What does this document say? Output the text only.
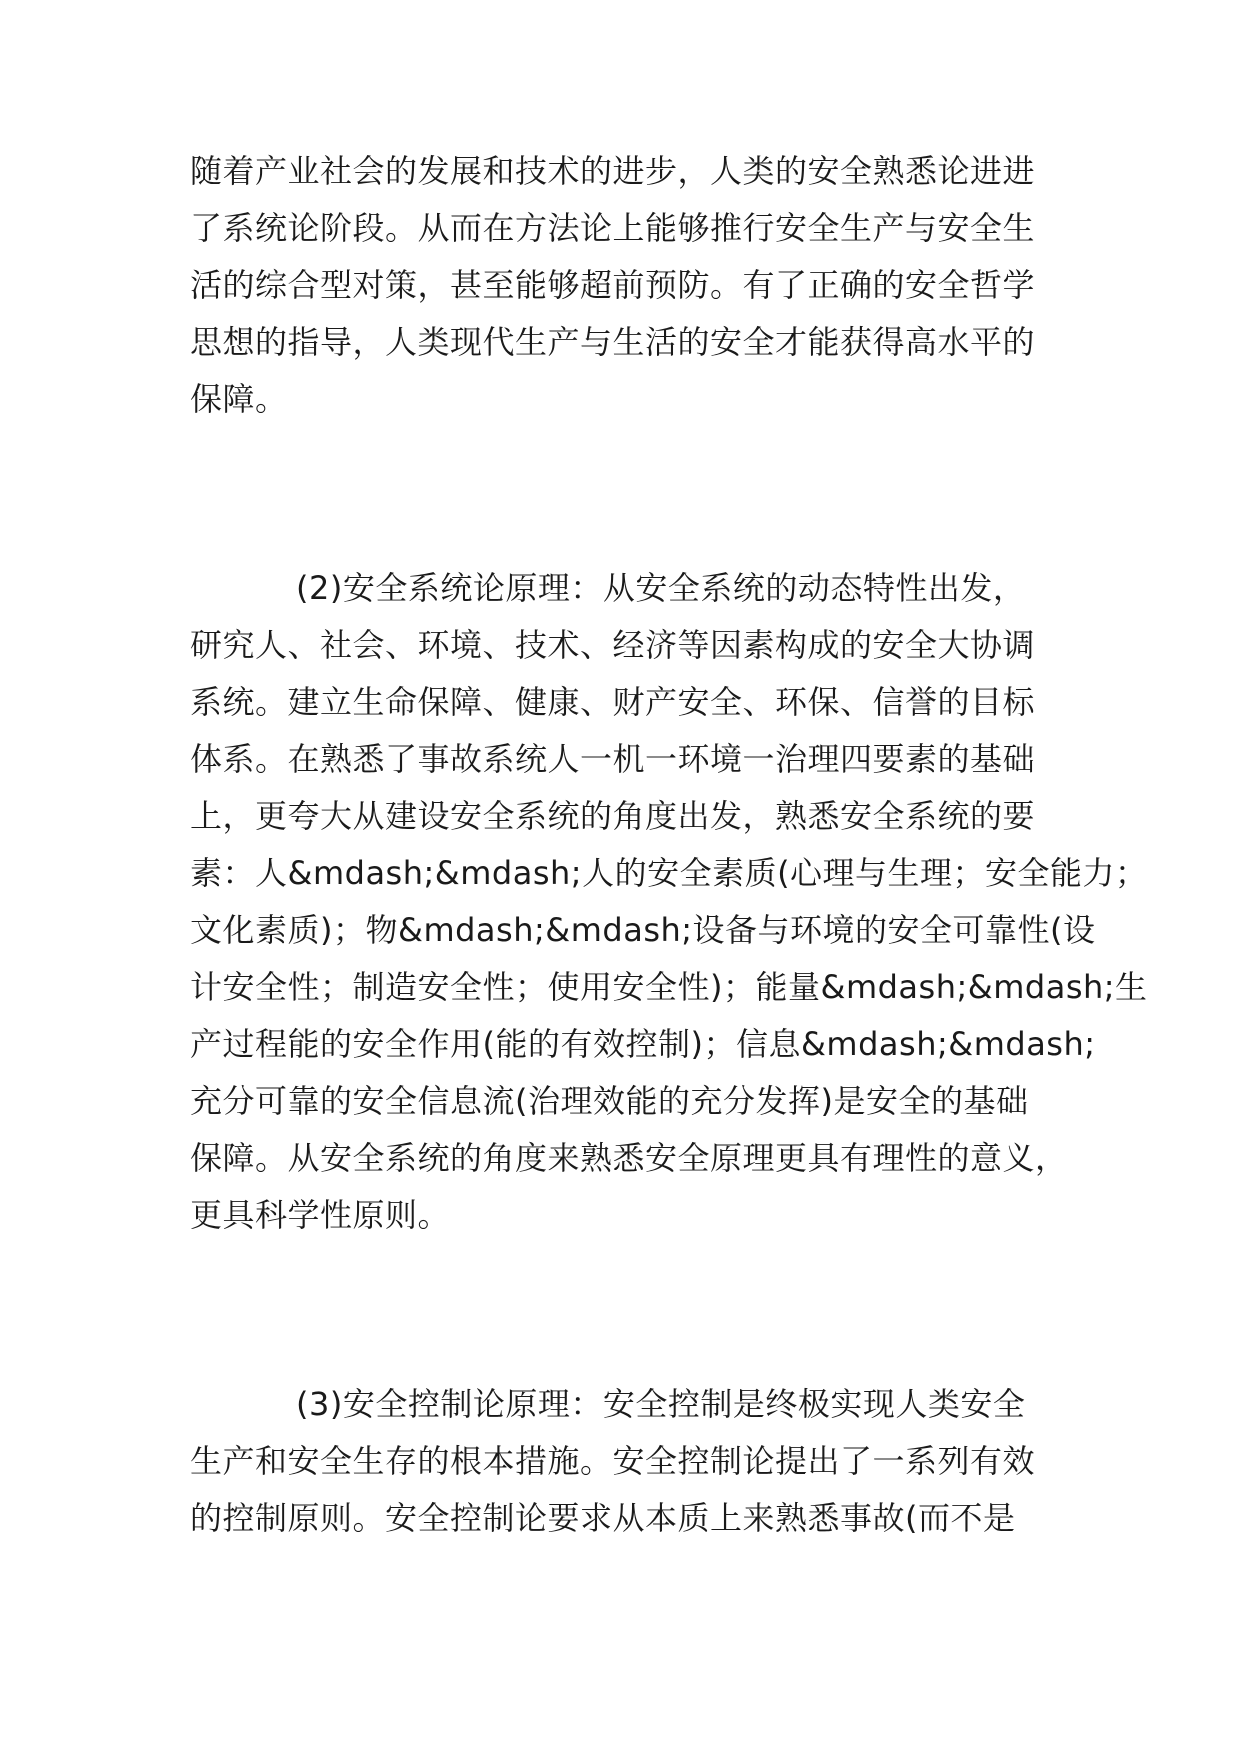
随着产业社会的发展和技术的进步，人类的安全熟悉论进进
了系统论阶段。从而在方法论上能够推行安全生产与安全生
活的综合型对策，甚至能够超前预防。有了正确的安全哲学
思想的指导，人类现代生产与生活的安全才能获得高水平的
保障。
(2)安全系统论原理：从安全系统的动态特性出发，
研究人、社会、环境、技术、经济等因素构成的安全大协调
系统。建立生命保障、健康、财产安全、环保、信誉的目标
体系。在熟悉了事故系统人一机一环境一治理四要素的基础
上，更夸大从建设安全系统的角度出发，熟悉安全系统的要
素：人&mdash;&mdash;人的安全素质(心理与生理；安全能力；
文化素质)；物&mdash;&mdash;设备与环境的安全可靠性(设
计安全性；制造安全性；使用安全性)；能量&mdash;&mdash;生
产过程能的安全作用(能的有效控制)；信息&mdash;&mdash;
充分可靠的安全信息流(治理效能的充分发挥)是安全的基础
保障。从安全系统的角度来熟悉安全原理更具有理性的意义，
更具科学性原则。
(3)安全控制论原理：安全控制是终极实现人类安全
生产和安全生存的根本措施。安全控制论提出了一系列有效
的控制原则。安全控制论要求从本质上来熟悉事故(而不是
